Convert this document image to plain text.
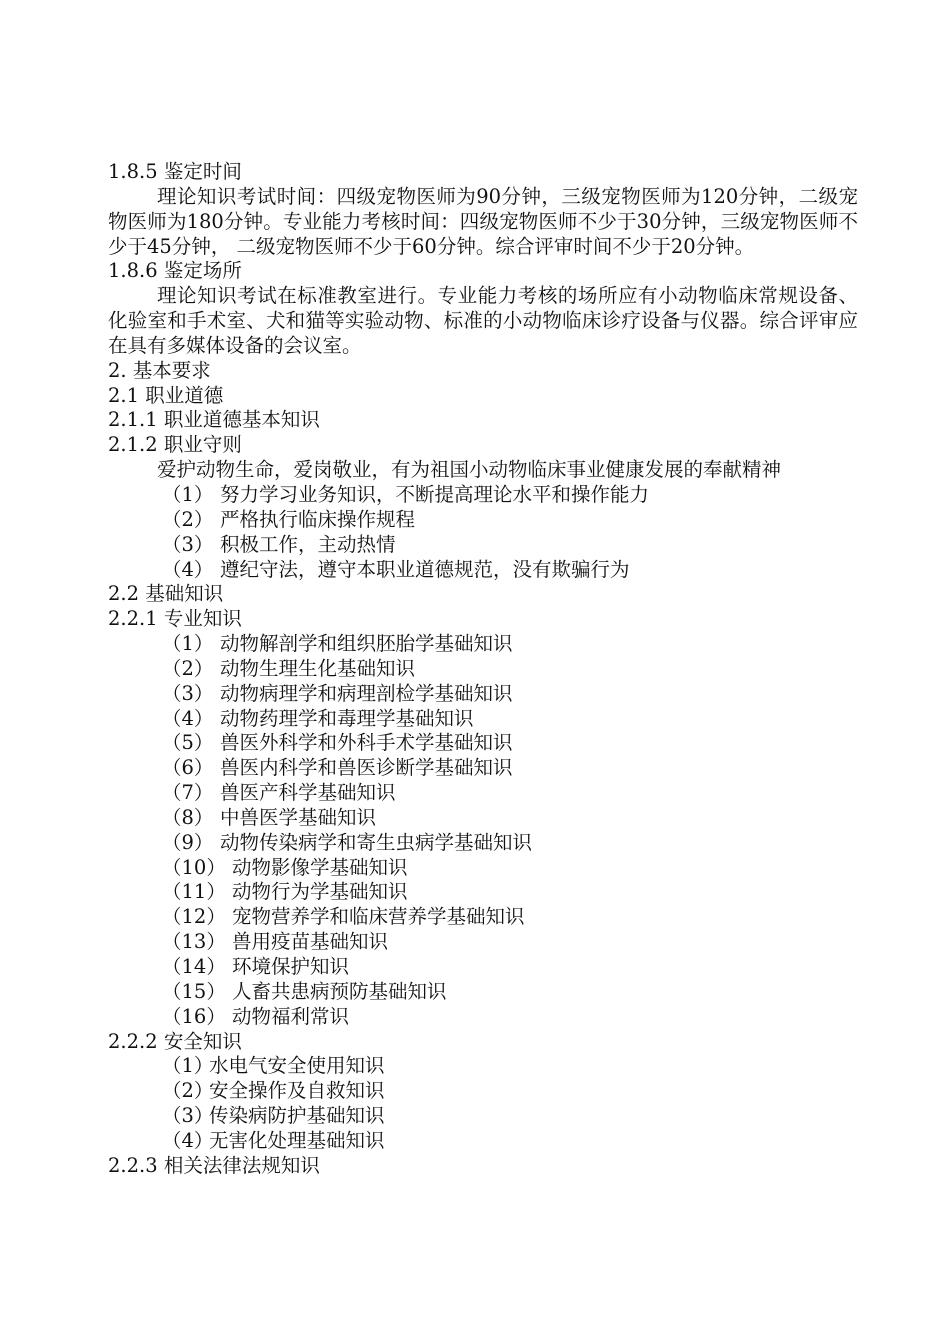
1.8.5 鉴定时间
理论知识考试时间：四级宠物医师为90分钟，三级宠物医师为120分钟，二级宠物医师为180分钟。专业能力考核时间：四级宠物医师不少于30分钟，三级宠物医师不少于45分钟， 二级宠物医师不少于60分钟。综合评审时间不少于20分钟。
1.8.6 鉴定场所
理论知识考试在标准教室进行。专业能力考核的场所应有小动物临床常规设备、化验室和手术室、犬和猫等实验动物、标准的小动物临床诊疗设备与仪器。综合评审应在具有多媒体设备的会议室。
2. 基本要求
2.1 职业道德
2.1.1 职业道德基本知识
2.1.2 职业守则
爱护动物生命，爱岗敬业，有为祖国小动物临床事业健康发展的奉献精神
（1） 努力学习业务知识，不断提高理论水平和操作能力
（2） 严格执行临床操作规程
（3） 积极工作，主动热情
（4） 遵纪守法，遵守本职业道德规范，没有欺骗行为
2.2 基础知识
2.2.1 专业知识
（1） 动物解剖学和组织胚胎学基础知识
（2） 动物生理生化基础知识
（3） 动物病理学和病理剖检学基础知识
（4） 动物药理学和毒理学基础知识
（5） 兽医外科学和外科手术学基础知识
（6） 兽医内科学和兽医诊断学基础知识
（7） 兽医产科学基础知识
（8） 中兽医学基础知识
（9） 动物传染病学和寄生虫病学基础知识
（10） 动物影像学基础知识
（11） 动物行为学基础知识
（12） 宠物营养学和临床营养学基础知识
（13） 兽用疫苗基础知识
（14） 环境保护知识
（15） 人畜共患病预防基础知识
（16） 动物福利常识
2.2.2 安全知识
（1）水电气安全使用知识
（2）安全操作及自救知识
（3）传染病防护基础知识
（4）无害化处理基础知识
2.2.3 相关法律法规知识
